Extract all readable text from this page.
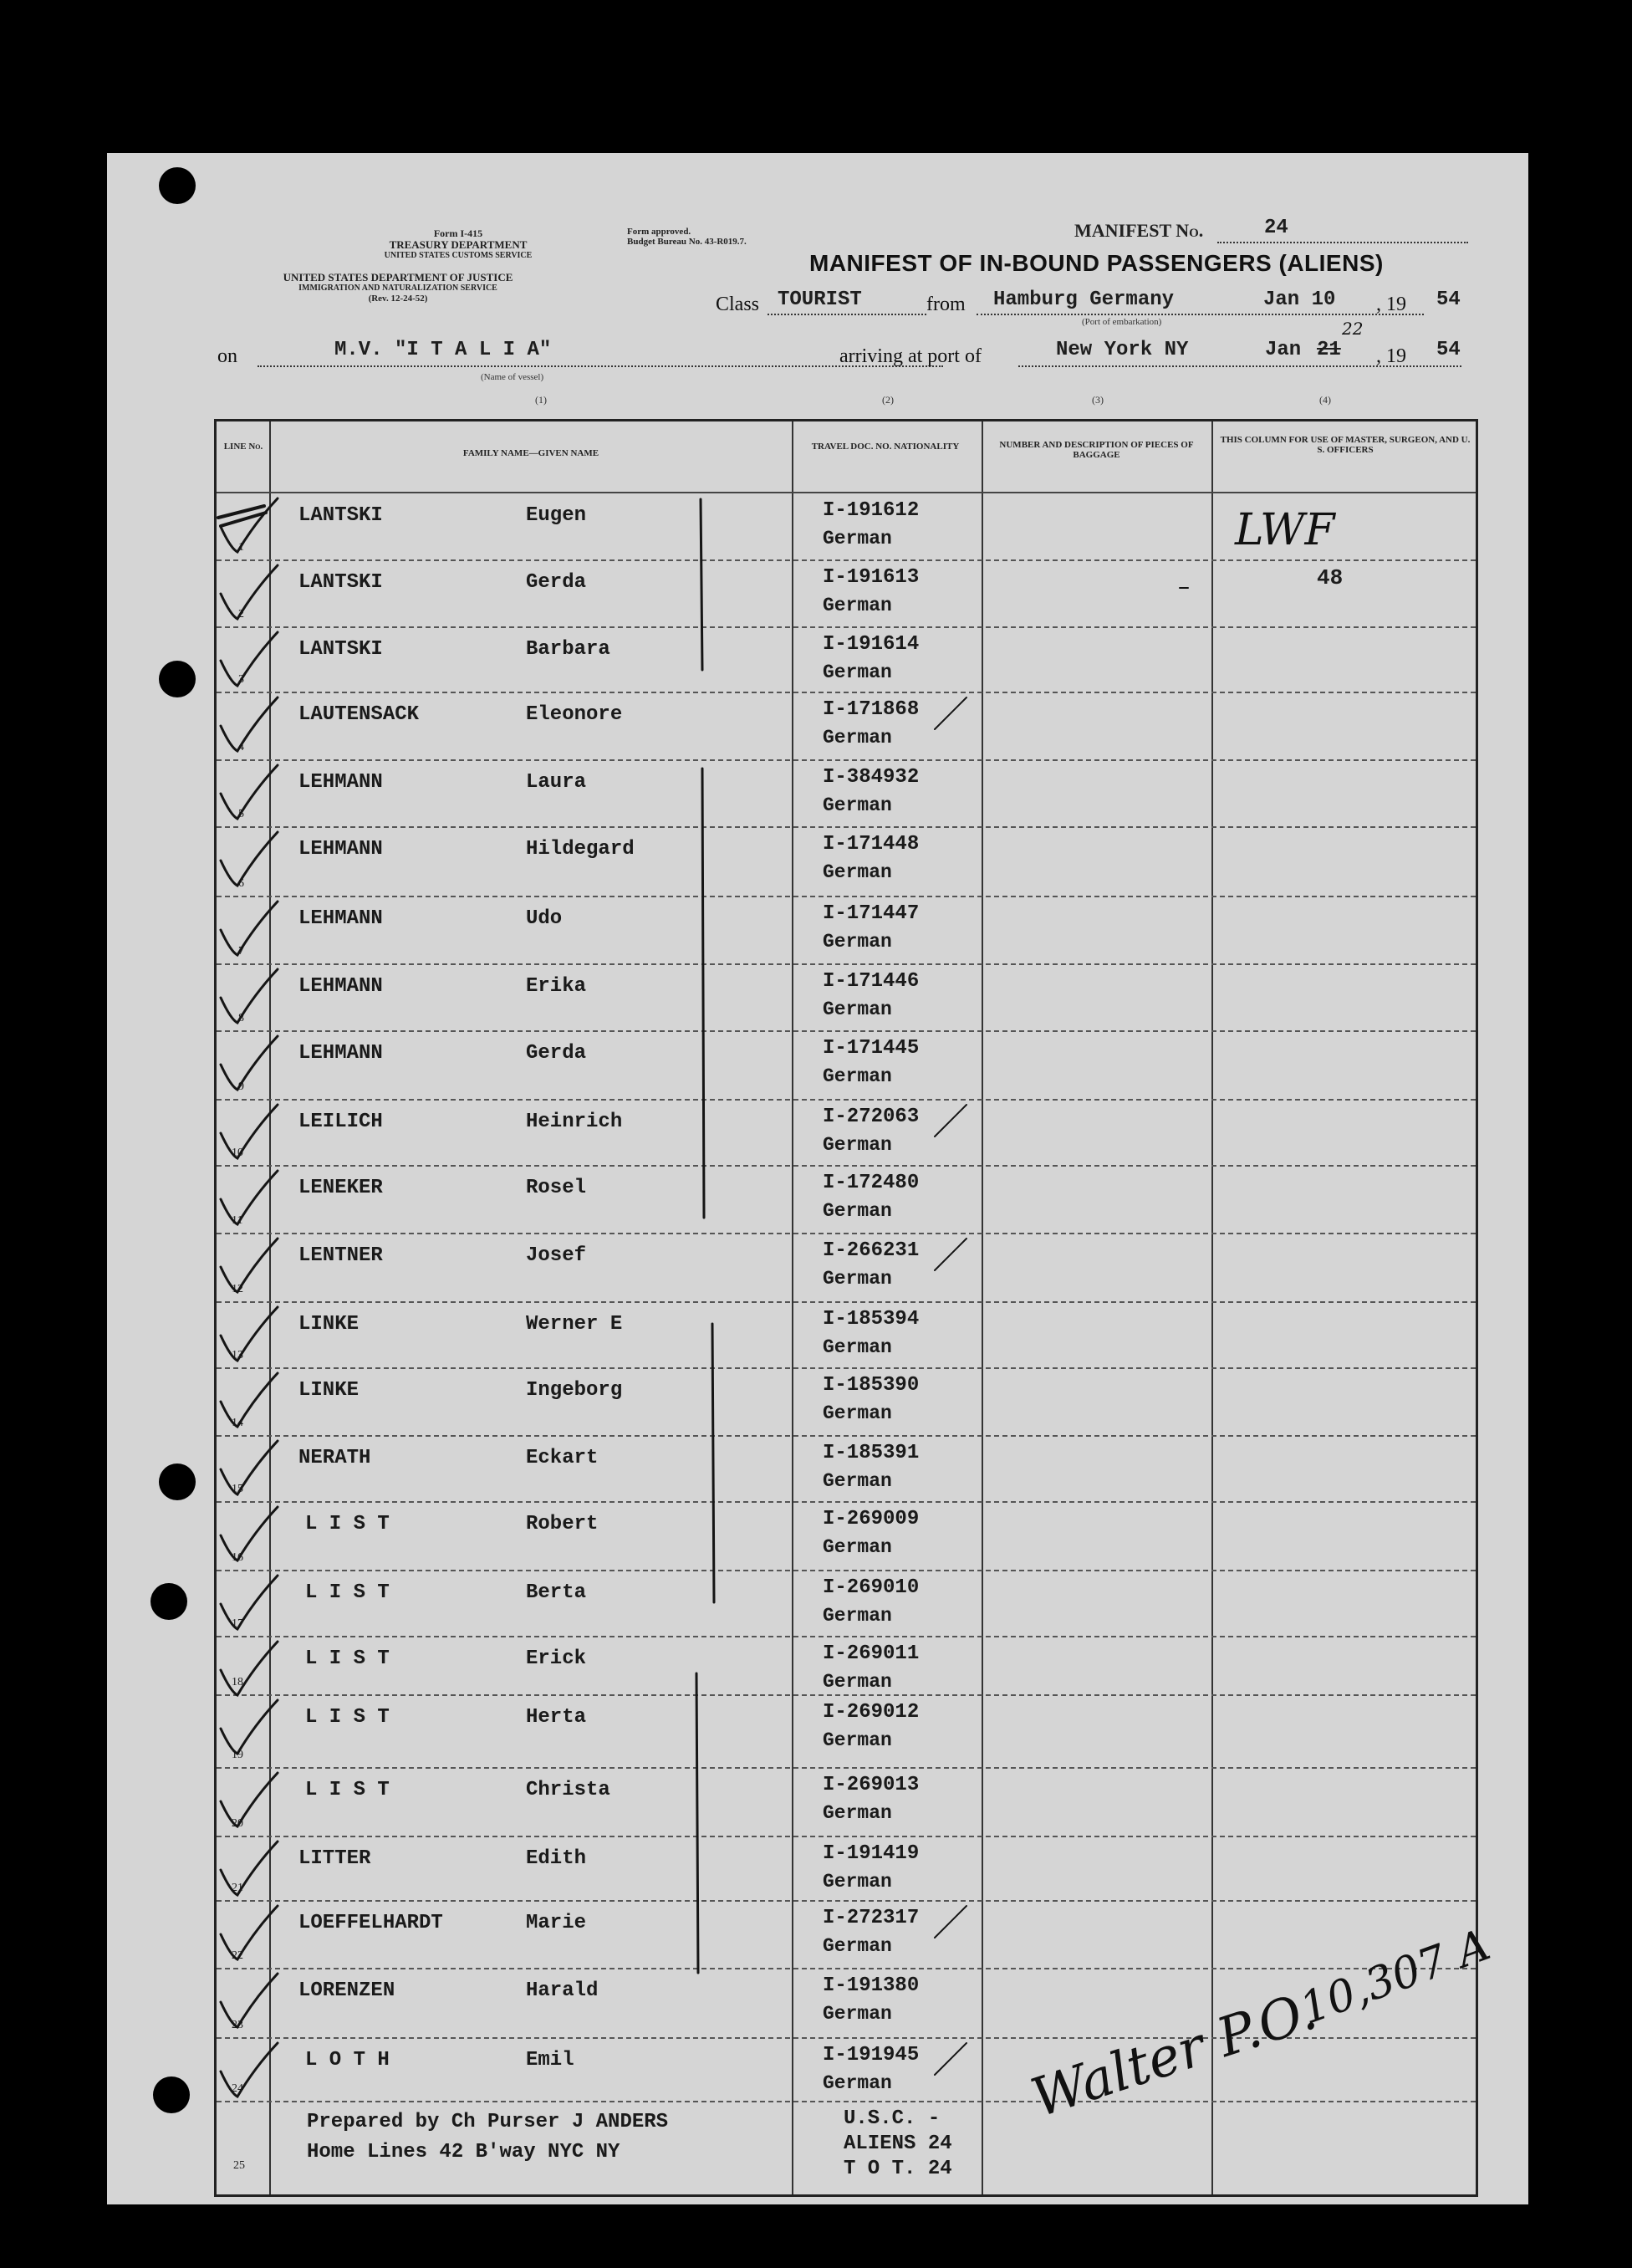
Form I-415
TREASURY DEPARTMENT
UNITED STATES CUSTOMS SERVICE
UNITED STATES DEPARTMENT OF JUSTICE
IMMIGRATION AND NATURALIZATION SERVICE
(Rev. 12-24-52)
Form approved.
Budget Bureau No. 43-R019.7.
MANIFEST No.	24
MANIFEST OF IN-BOUND PASSENGERS (ALIENS)
Class TOURIST	from Hamburg Germany	Jan 10 , 19 54
(Port of embarkation)
on	M.V. "I T A L I A"
(Name of vessel)
arriving at port of	New York NY	Jan 21
22
, 19 54
(1)	(2)	(3)	(4)
LINE No.
FAMILY NAME—GIVEN NAME
TRAVEL DOC. NO. NATIONALITY	NUMBER AND DESCRIPTION OF PIECES OF BAGGAGE
THIS COLUMN FOR USE OF MASTER, SURGEON, AND U. S. OFFICERS
LANTSKI	Eugen	I-191612
German
1
LANTSKI	Gerda	I-191613
German
2
LANTSKI	Barbara	I-191614
German
3
LAUTENSACK	Eleonore	I-171868
German
4
LEHMANN	Laura	I-384932
German
5
LEHMANN	Hildegard	I-171448
German
6
LEHMANN	Udo	I-171447
German
7
LEHMANN	Erika	I-171446
German
8
LEHMANN	Gerda	I-171445
German
9
LEILICH	Heinrich	I-272063
German
10
LENEKER	Rosel	I-172480
German
11
LENTNER	Josef	I-266231
German
12
LINKE	Werner E	I-185394
German
13
LINKE	Ingeborg	I-185390
German
14
NERATH	Eckart	I-185391
German
15
L I S T	Robert	I-269009
German
16
L I S T	Berta	I-269010
German
17
L I S T	Erick	I-269011
German
18
L I S T	Herta	I-269012
German
19
L I S T	Christa	I-269013
German
20
LITTER	Edith	I-191419
German
21
LOEFFELHARDT	Marie	I-272317
German
22
LORENZEN	Harald	I-191380
German
23
L O T H	Emil	I-191945
German
24
25
Prepared by Ch Purser J ANDERS
Home Lines 42 B'way NYC NY
U.S.C. -
ALIENS 24
T O T. 24
LWF
48
Walter P.O.
10,307 A
